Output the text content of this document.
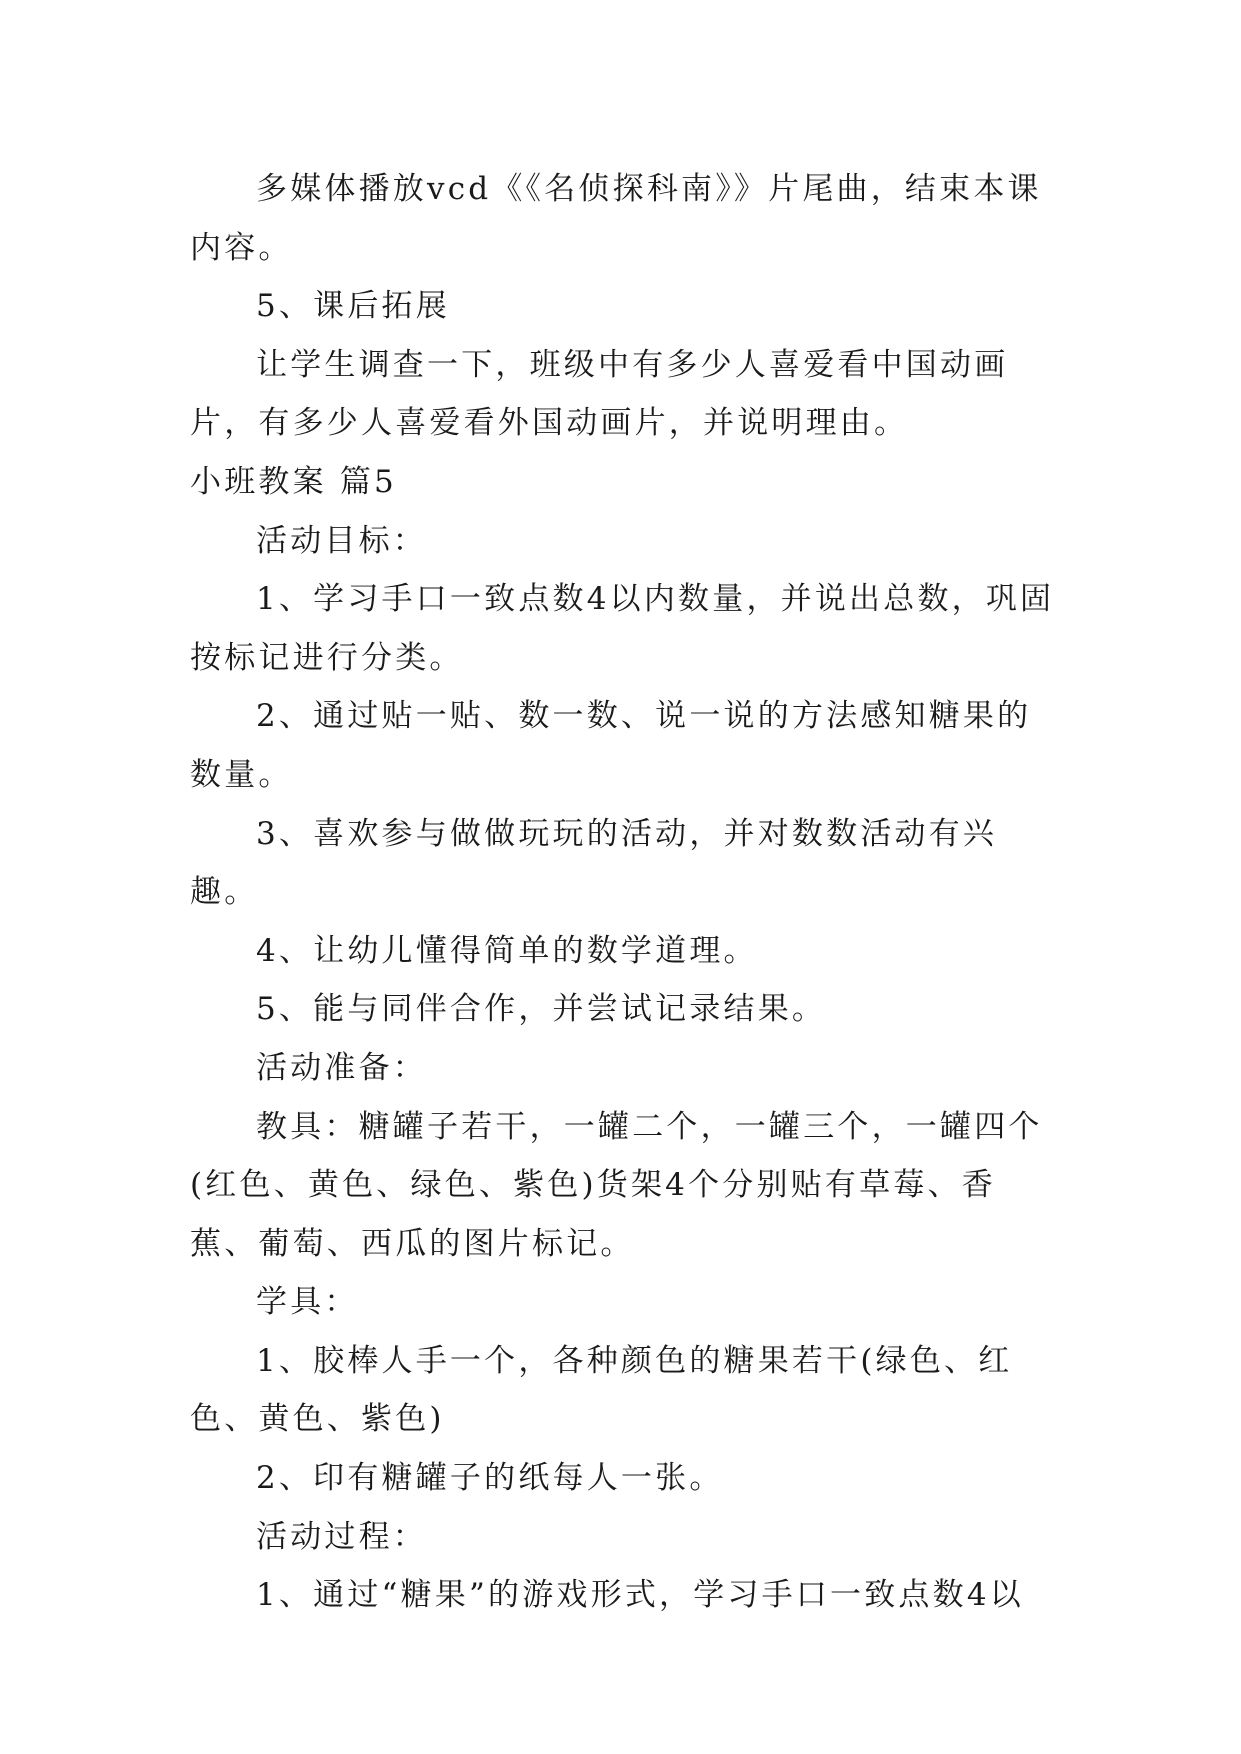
多媒体播放vcd《《名侦探科南》》片尾曲，结束本课内容。

5、课后拓展

让学生调查一下，班级中有多少人喜爱看中国动画片，有多少人喜爱看外国动画片，并说明理由。

小班教案 篇5

活动目标：

1、学习手口一致点数4以内数量，并说出总数，巩固按标记进行分类。

2、通过贴一贴、数一数、说一说的方法感知糖果的数量。

3、喜欢参与做做玩玩的活动，并对数数活动有兴趣。

4、让幼儿懂得简单的数学道理。

5、能与同伴合作，并尝试记录结果。

活动准备：

教具：糖罐子若干，一罐二个，一罐三个，一罐四个(红色、黄色、绿色、紫色)货架4个分别贴有草莓、香蕉、葡萄、西瓜的图片标记。

学具：

1、胶棒人手一个，各种颜色的糖果若干(绿色、红色、黄色、紫色)

2、印有糖罐子的纸每人一张。

活动过程：

1、通过“糖果”的游戏形式，学习手口一致点数4以
